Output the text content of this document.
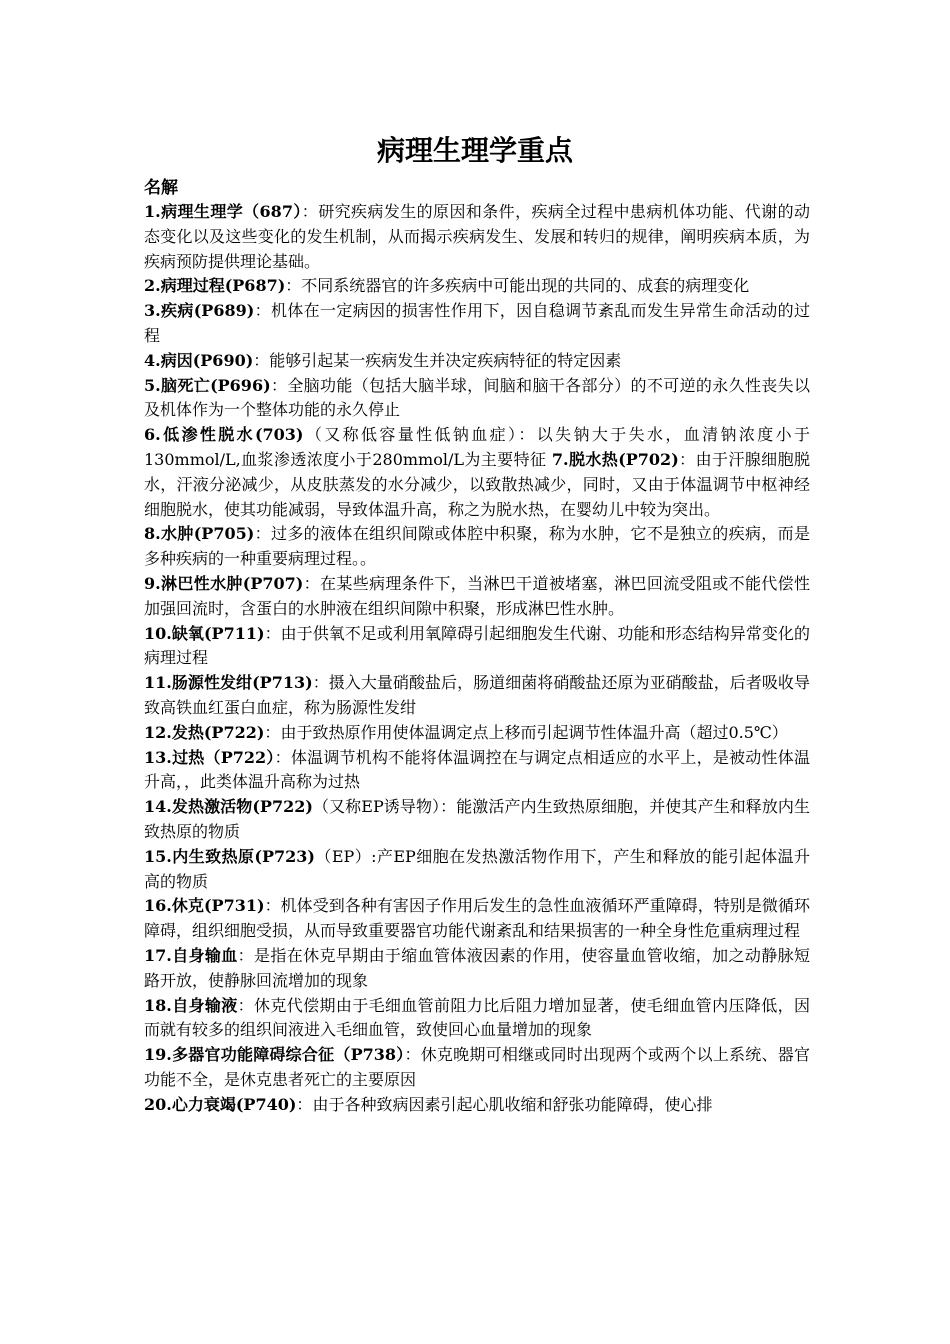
病理生理学重点

名解

1.病理生理学（687）：研究疾病发生的原因和条件，疾病全过程中患病机体功能、代谢的动态变化以及这些变化的发生机制，从而揭示疾病发生、发展和转归的规律，阐明疾病本质，为疾病预防提供理论基础。

2.病理过程(P687)：不同系统器官的许多疾病中可能出现的共同的、成套的病理变化

3.疾病(P689)：机体在一定病因的损害性作用下，因自稳调节紊乱而发生异常生命活动的过程

4.病因(P690)：能够引起某一疾病发生并决定疾病特征的特定因素

5.脑死亡(P696)：全脑功能（包括大脑半球，间脑和脑干各部分）的不可逆的永久性丧失以及机体作为一个整体功能的永久停止

6.低渗性脱水(703)（又称低容量性低钠血症）：以失钠大于失水，血清钠浓度小于130mmol/L,血浆渗透浓度小于280mmol/L为主要特征 7.脱水热(P702)：由于汗腺细胞脱水，汗液分泌减少，从皮肤蒸发的水分减少，以致散热减少，同时，又由于体温调节中枢神经细胞脱水，使其功能减弱，导致体温升高，称之为脱水热，在婴幼儿中较为突出。

8.水肿(P705)：过多的液体在组织间隙或体腔中积聚，称为水肿，它不是独立的疾病，而是多种疾病的一种重要病理过程。。

9.淋巴性水肿(P707)：在某些病理条件下，当淋巴干道被堵塞，淋巴回流受阻或不能代偿性加强回流时，含蛋白的水肿液在组织间隙中积聚，形成淋巴性水肿。

10.缺氧(P711)：由于供氧不足或利用氧障碍引起细胞发生代谢、功能和形态结构异常变化的病理过程

11.肠源性发绀(P713)：摄入大量硝酸盐后，肠道细菌将硝酸盐还原为亚硝酸盐，后者吸收导致高铁血红蛋白血症，称为肠源性发绀

12.发热(P722)：由于致热原作用使体温调定点上移而引起调节性体温升高（超过0.5℃）

13.过热（P722）：体温调节机构不能将体温调控在与调定点相适应的水平上，是被动性体温升高，，此类体温升高称为过热

14.发热激活物(P722)（又称EP诱导物）：能激活产内生致热原细胞，并使其产生和释放内生致热原的物质

15.内生致热原(P723)（EP）:产EP细胞在发热激活物作用下，产生和释放的能引起体温升高的物质

16.休克(P731)：机体受到各种有害因子作用后发生的急性血液循环严重障碍，特别是微循环障碍，组织细胞受损，从而导致重要器官功能代谢紊乱和结果损害的一种全身性危重病理过程

17.自身输血：是指在休克早期由于缩血管体液因素的作用，使容量血管收缩，加之动静脉短路开放，使静脉回流增加的现象

18.自身输液：休克代偿期由于毛细血管前阻力比后阻力增加显著，使毛细血管内压降低，因而就有较多的组织间液进入毛细血管，致使回心血量增加的现象

19.多器官功能障碍综合征（P738）：休克晚期可相继或同时出现两个或两个以上系统、器官功能不全，是休克患者死亡的主要原因

20.心力衰竭(P740)：由于各种致病因素引起心肌收缩和舒张功能障碍，使心排
